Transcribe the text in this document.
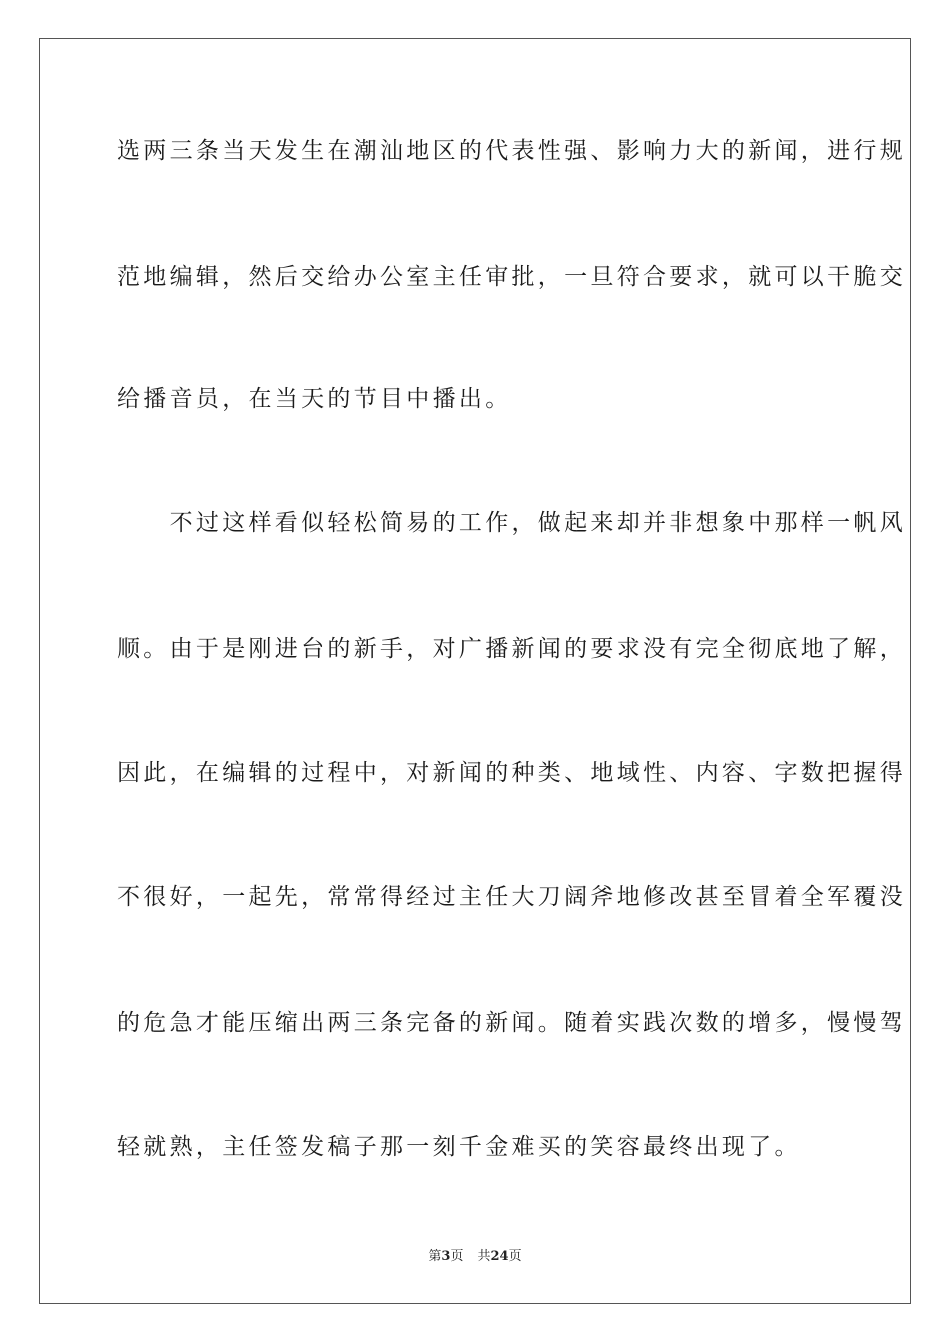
选两三条当天发生在潮汕地区的代表性强、影响力大的新闻，进行规
范地编辑，然后交给办公室主任审批，一旦符合要求，就可以干脆交
给播音员，在当天的节目中播出。
　　不过这样看似轻松简易的工作，做起来却并非想象中那样一帆风
顺。由于是刚进台的新手，对广播新闻的要求没有完全彻底地了解，
因此，在编辑的过程中，对新闻的种类、地域性、内容、字数把握得
不很好，一起先，常常得经过主任大刀阔斧地修改甚至冒着全军覆没
的危急才能压缩出两三条完备的新闻。随着实践次数的增多，慢慢驾
轻就熟，主任签发稿子那一刻千金难买的笑容最终出现了。
第3页 共24页
